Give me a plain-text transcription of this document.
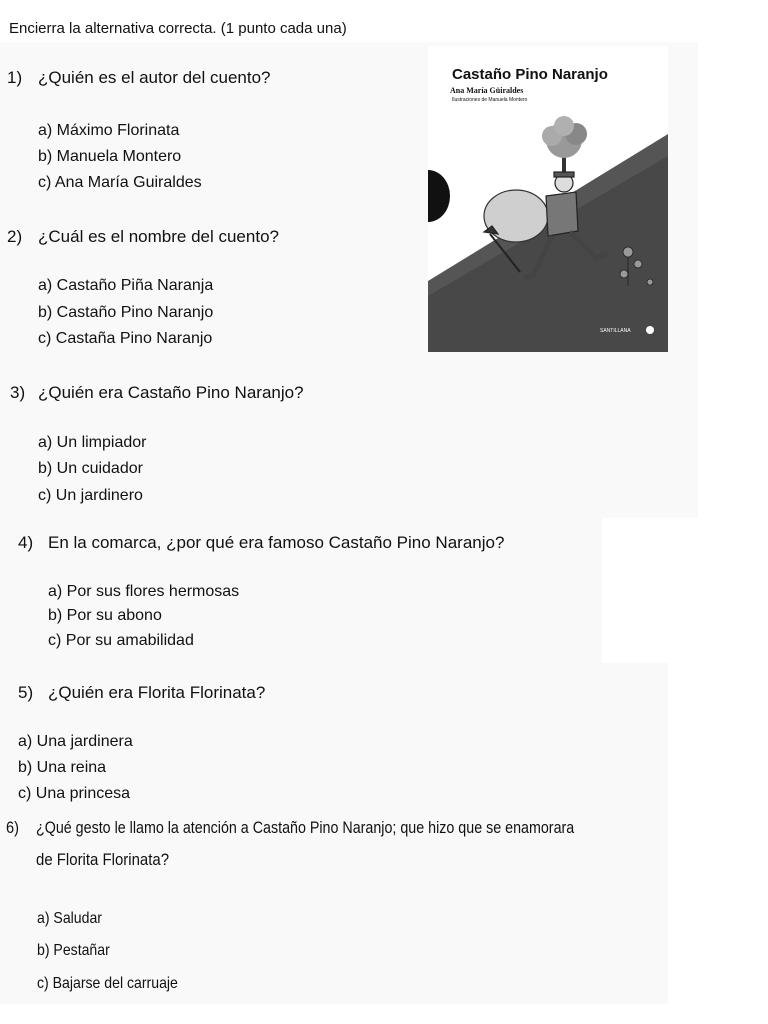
Encierra la alternativa correcta. (1 punto cada una)
Castaño Pino Naranjo
Ana María Güiraldes
Ilustraciones de Manuela Montero
SANTILLANA
1) ¿Quién es el autor del cuento?
a) Máximo Florinata
b) Manuela Montero
c) Ana María Guiraldes
2) ¿Cuál es el nombre del cuento?
a) Castaño Piña Naranja
b) Castaño Pino Naranjo
c) Castaña Pino Naranjo
3) ¿Quién era Castaño Pino Naranjo?
a) Un limpiador
b) Un cuidador
c) Un jardinero
4) En la comarca, ¿por qué era famoso Castaño Pino Naranjo?
a) Por sus flores hermosas
b) Por su abono
c) Por su amabilidad
5) ¿Quién era Florita Florinata?
a) Una jardinera
b) Una reina
c) Una princesa
6) ¿Qué gesto le llamo la atención a Castaño Pino Naranjo; que hizo que se enamorara
de Florita Florinata?
a) Saludar
b) Pestañar
c) Bajarse del carruaje
